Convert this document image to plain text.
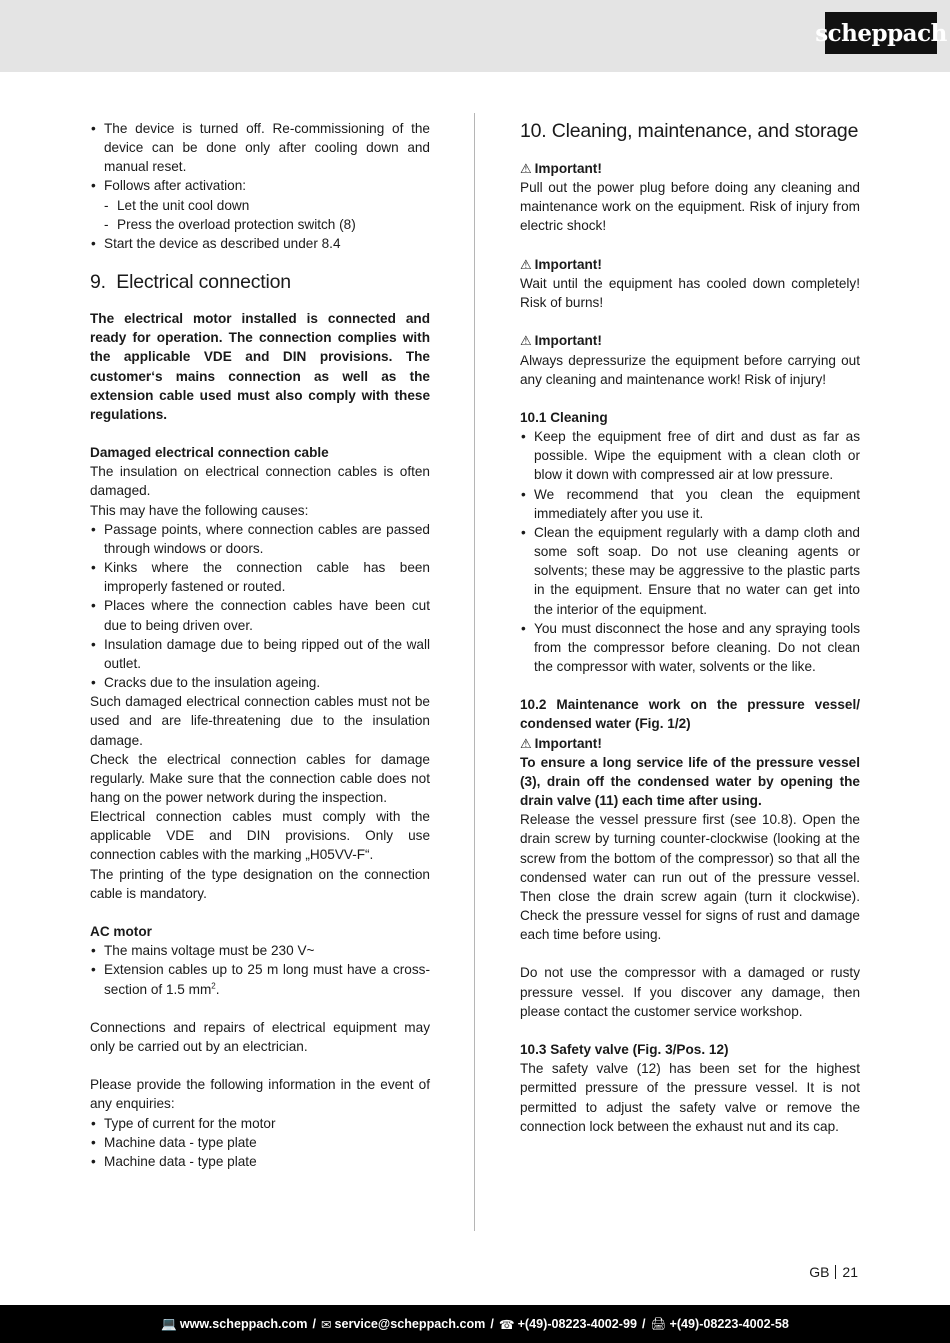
scheppach
• The device is turned off. Re-commissioning of the device can be done only after cooling down and manual reset.
• Follows after activation:
- Let the unit cool down
- Press the overload protection switch (8)
• Start the device as described under 8.4
9.  Electrical connection

The electrical motor installed is connected and ready for operation. The connection complies with the applicable VDE and DIN provisions. The customer‘s mains connection as well as the extension cable used must also comply with these regulations.

Damaged electrical connection cable

The insulation on electrical connection cables is often damaged.

This may have the following causes:

• Passage points, where connection cables are passed through windows or doors.
• Kinks where the connection cable has been improperly fastened or routed.
• Places where the connection cables have been cut due to being driven over.
• Insulation damage due to being ripped out of the wall outlet.
• Cracks due to the insulation ageing.

Such damaged electrical connection cables must not be used and are life-threatening due to the insulation damage.

Check the electrical connection cables for damage regularly. Make sure that the connection cable does not hang on the power network during the inspection.

Electrical connection cables must comply with the applicable VDE and DIN provisions. Only use connection cables with the marking „H05VV-F“.

The printing of the type designation on the connection cable is mandatory.

AC motor

• The mains voltage must be 230 V~
• Extension cables up to 25 m long must have a cross-section of 1.5 $mm^2$.

Connections and repairs of electrical equipment may only be carried out by an electrician.

Please provide the following information in the event of any enquiries:

• Type of current for the motor
• Machine data - type plate
• Machine data - type plate
10. Cleaning, maintenance, and storage

⚠ Important!

Pull out the power plug before doing any cleaning and maintenance work on the equipment. Risk of injury from electric shock!

⚠ Important!

Wait until the equipment has cooled down completely! Risk of burns!

⚠ Important!

Always depressurize the equipment before carrying out any cleaning and maintenance work! Risk of injury!

10.1 Cleaning

• Keep the equipment free of dirt and dust as far as possible. Wipe the equipment with a clean cloth or blow it down with compressed air at low pressure.
• We recommend that you clean the equipment immediately after you use it.
• Clean the equipment regularly with a damp cloth and some soft soap. Do not use cleaning agents or solvents; these may be aggressive to the plastic parts in the equipment. Ensure that no water can get into the interior of the equipment.
• You must disconnect the hose and any spraying tools from the compressor before cleaning. Do not clean the compressor with water, solvents or the like.

10.2 Maintenance work on the pressure vessel/ condensed water (Fig. 1/2)

⚠ Important!

To ensure a long service life of the pressure vessel (3), drain off the condensed water by opening the drain valve (11) each time after using.

Release the vessel pressure first (see 10.8). Open the drain screw by turning counter-clockwise (looking at the screw from the bottom of the compressor) so that all the condensed water can run out of the pressure vessel. Then close the drain screw again (turn it clockwise). Check the pressure vessel for signs of rust and damage each time before using.

Do not use the compressor with a damaged or rusty pressure vessel. If you discover any damage, then please contact the customer service workshop.

10.3 Safety valve (Fig. 3/Pos. 12)

The safety valve (12) has been set for the highest permitted pressure of the pressure vessel. It is not permitted to adjust the safety valve or remove the connection lock between the exhaust nut and its cap.

GB 21
💻 www.scheppach.com / ✉ service@scheppach.com / ☎ +(49)-08223-4002-99 / 🖨 +(49)-08223-4002-58
